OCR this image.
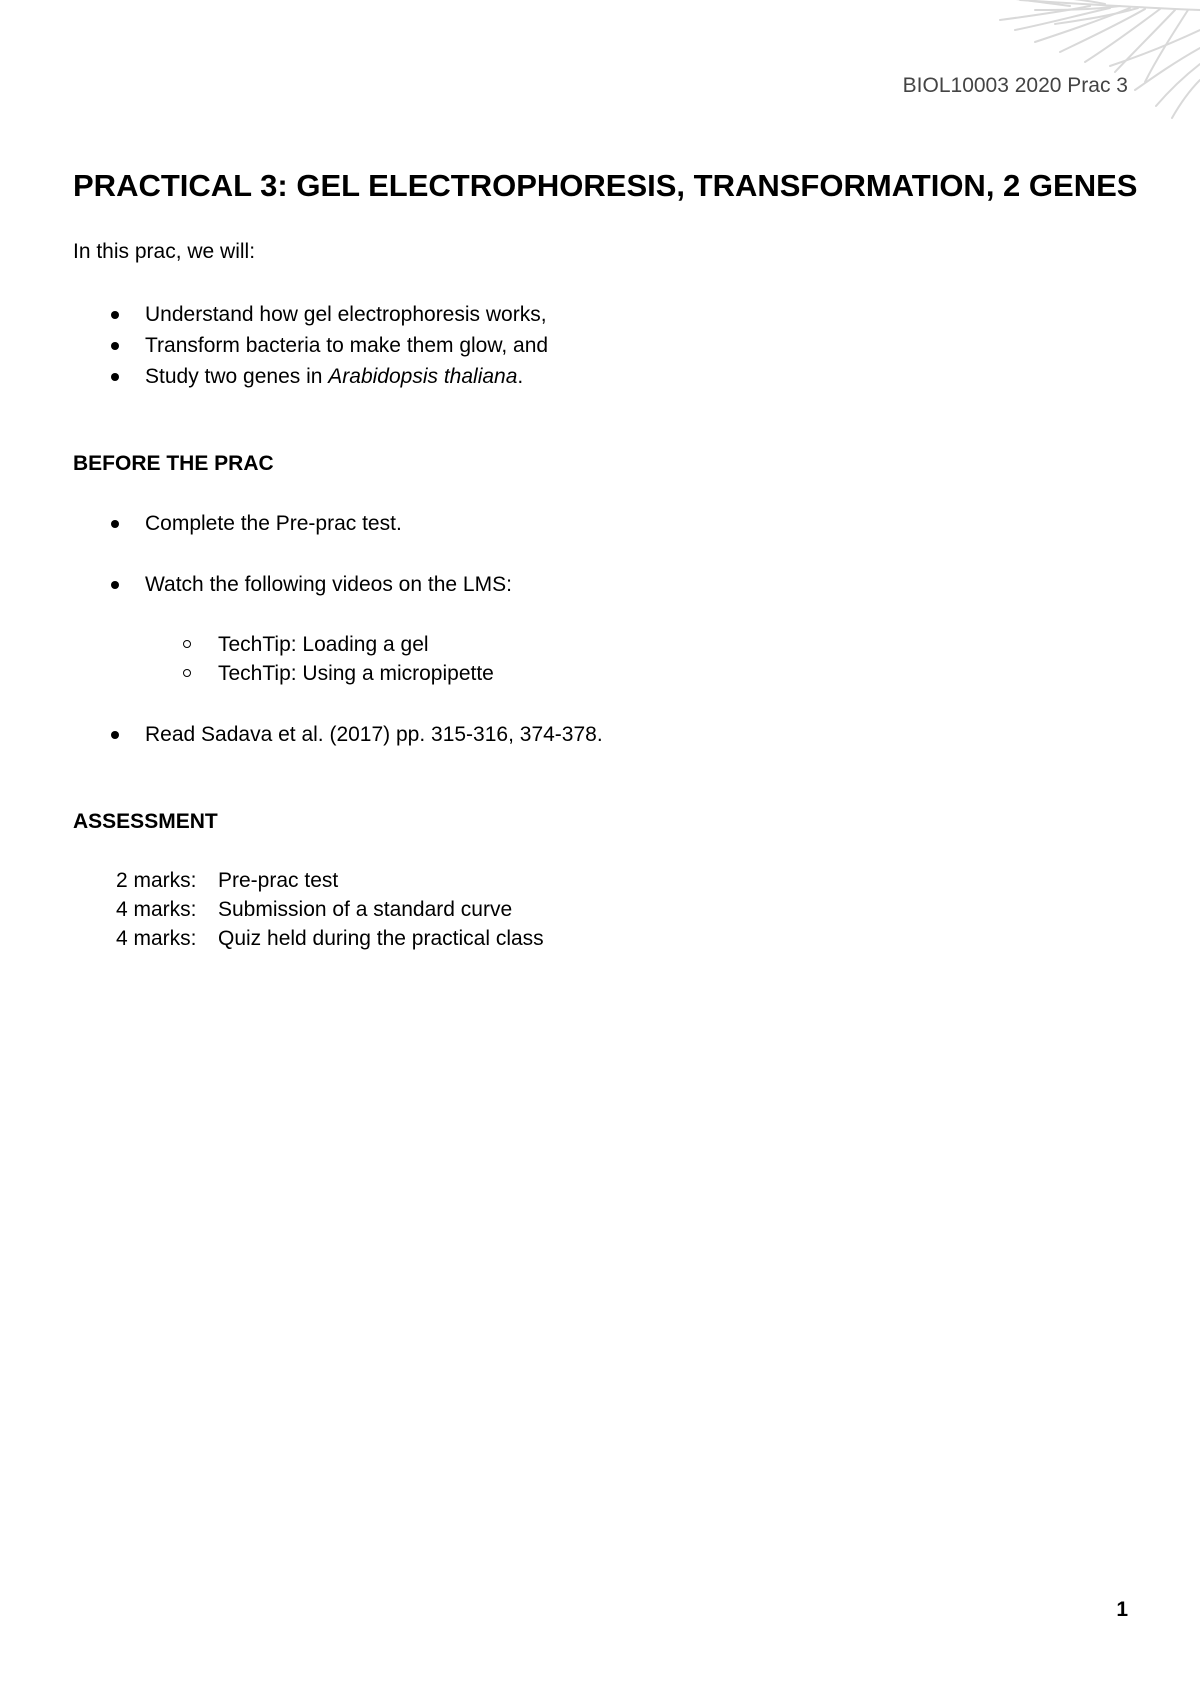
BIOL10003 2020 Prac 3
PRACTICAL 3: GEL ELECTROPHORESIS, TRANSFORMATION, 2 GENES

In this prac, we will:

Understand how gel electrophoresis works,
Transform bacteria to make them glow, and
Study two genes in Arabidopsis thaliana.
BEFORE THE PRAC
Complete the Pre-prac test.
Watch the following videos on the LMS:
TechTip: Loading a gel
TechTip: Using a micropipette
Read Sadava et al. (2017) pp. 315-316, 374-378.
ASSESSMENT
2 marks:	Pre-prac test
4 marks:	Submission of a standard curve
4 marks:	Quiz held during the practical class
1
